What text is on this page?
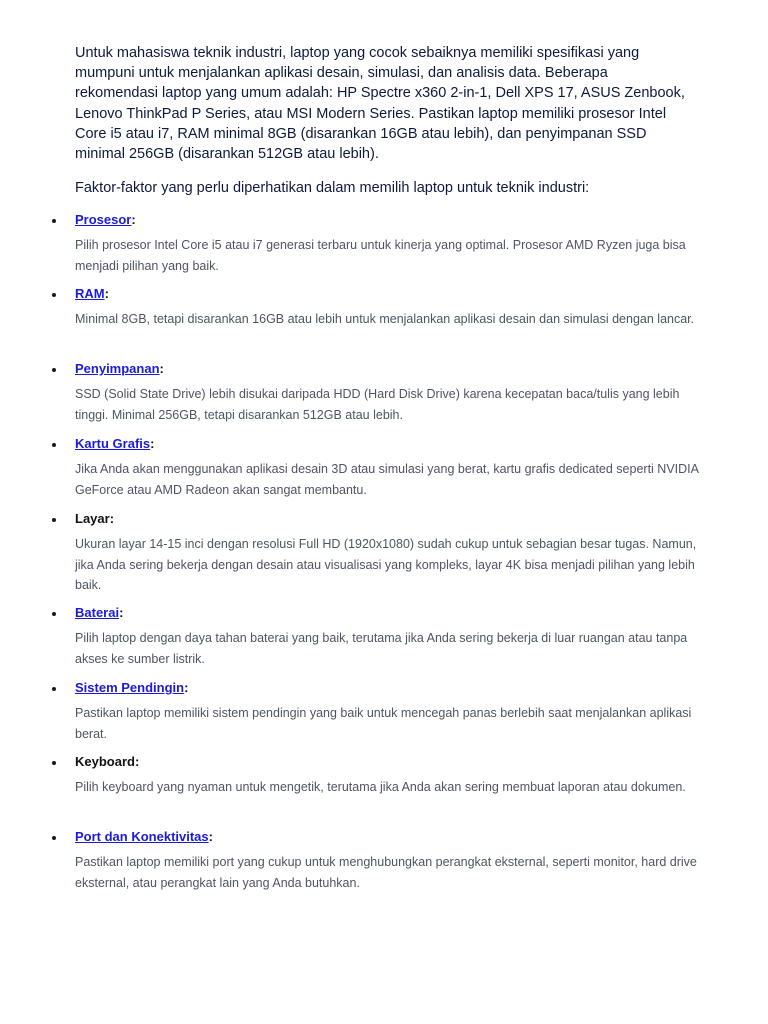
Untuk mahasiswa teknik industri, laptop yang cocok sebaiknya memiliki spesifikasi yang mumpuni untuk menjalankan aplikasi desain, simulasi, dan analisis data. Beberapa rekomendasi laptop yang umum adalah: HP Spectre x360 2-in-1, Dell XPS 17, ASUS Zenbook, Lenovo ThinkPad P Series, atau MSI Modern Series. Pastikan laptop memiliki prosesor Intel Core i5 atau i7, RAM minimal 8GB (disarankan 16GB atau lebih), dan penyimpanan SSD minimal 256GB (disarankan 512GB atau lebih).

Faktor-faktor yang perlu diperhatikan dalam memilih laptop untuk teknik industri:

Prosesor:

Pilih prosesor Intel Core i5 atau i7 generasi terbaru untuk kinerja yang optimal. Prosesor AMD Ryzen juga bisa menjadi pilihan yang baik.

RAM:

Minimal 8GB, tetapi disarankan 16GB atau lebih untuk menjalankan aplikasi desain dan simulasi dengan lancar.

Penyimpanan:

SSD (Solid State Drive) lebih disukai daripada HDD (Hard Disk Drive) karena kecepatan baca/tulis yang lebih tinggi. Minimal 256GB, tetapi disarankan 512GB atau lebih.

Kartu Grafis:

Jika Anda akan menggunakan aplikasi desain 3D atau simulasi yang berat, kartu grafis dedicated seperti NVIDIA GeForce atau AMD Radeon akan sangat membantu.

Layar:

Ukuran layar 14-15 inci dengan resolusi Full HD (1920x1080) sudah cukup untuk sebagian besar tugas. Namun, jika Anda sering bekerja dengan desain atau visualisasi yang kompleks, layar 4K bisa menjadi pilihan yang lebih baik.

Baterai:

Pilih laptop dengan daya tahan baterai yang baik, terutama jika Anda sering bekerja di luar ruangan atau tanpa akses ke sumber listrik.

Sistem Pendingin:

Pastikan laptop memiliki sistem pendingin yang baik untuk mencegah panas berlebih saat menjalankan aplikasi berat.

Keyboard:

Pilih keyboard yang nyaman untuk mengetik, terutama jika Anda akan sering membuat laporan atau dokumen.

Port dan Konektivitas:

Pastikan laptop memiliki port yang cukup untuk menghubungkan perangkat eksternal, seperti monitor, hard drive eksternal, atau perangkat lain yang Anda butuhkan.
